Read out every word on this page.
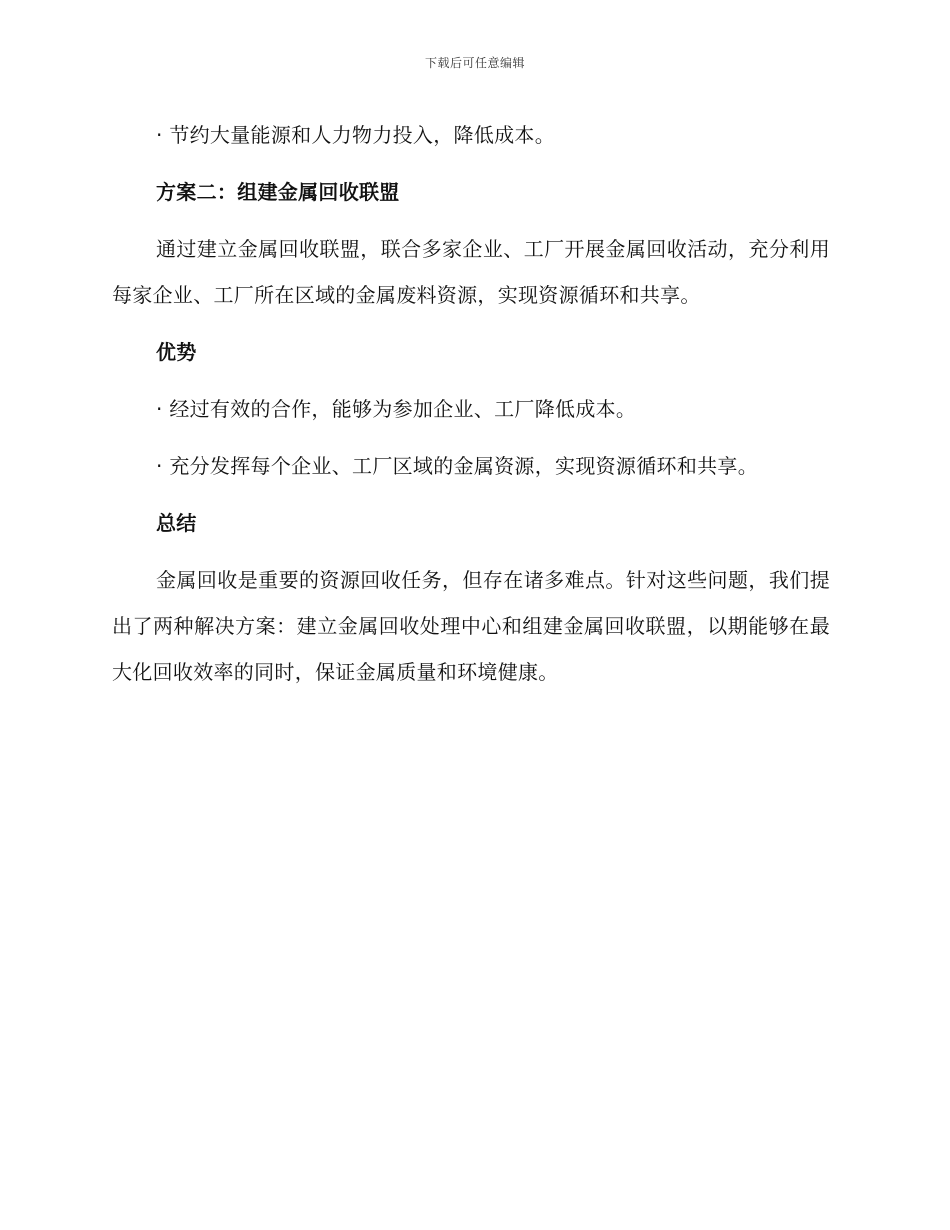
下载后可任意编辑

· 节约大量能源和人力物力投入，降低成本。

方案二：组建金属回收联盟

通过建立金属回收联盟，联合多家企业、工厂开展金属回收活动，充分利用每家企业、工厂所在区域的金属废料资源，实现资源循环和共享。

优势

· 经过有效的合作，能够为参加企业、工厂降低成本。

· 充分发挥每个企业、工厂区域的金属资源，实现资源循环和共享。

总结

金属回收是重要的资源回收任务，但存在诸多难点。针对这些问题，我们提出了两种解决方案：建立金属回收处理中心和组建金属回收联盟，以期能够在最大化回收效率的同时，保证金属质量和环境健康。
